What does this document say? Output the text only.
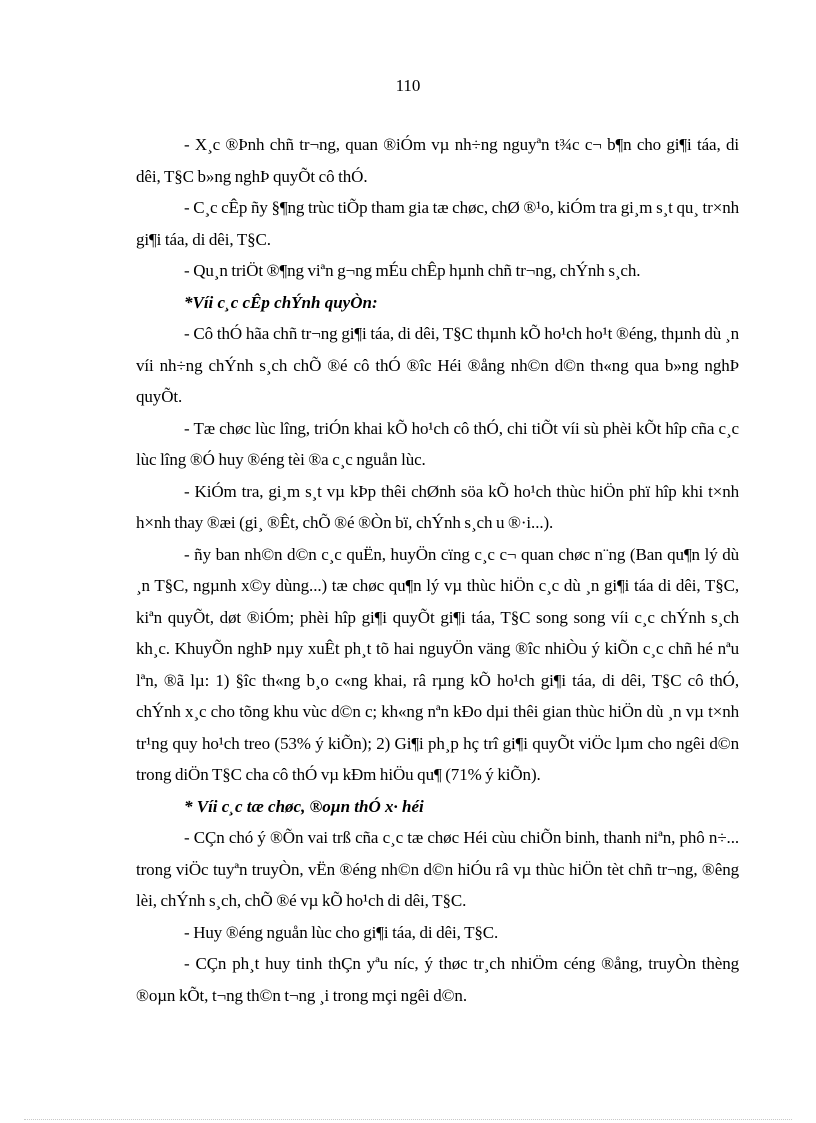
110

- X¸c ®Þnh chñ tr¬ng, quan ®iÓm vµ nh÷ng nguyªn t¾c c¬ b¶n cho gi¶i táa, di dêi, T§C b»ng nghÞ quyÕt cô thÓ.

- C¸c cÊp ñy §¶ng trùc tiÕp tham gia tæ chøc, chØ ®¹o, kiÓm tra gi¸m s¸t qu¸ tr×nh gi¶i táa, di dêi, T§C.

- Qu¸n triÖt ®¶ng viªn g¬ng mÉu chÊp hµnh chñ tr¬ng, chÝnh s¸ch.

*Víi c¸c cÊp chÝnh quyÒn:

- Cô thÓ hãa chñ tr¬ng gi¶i táa, di dêi, T§C thµnh kÕ ho¹ch ho¹t ®éng, thµnh dù ¸n víi nh÷ng chÝnh s¸ch chÕ ®é cô thÓ ®îc Héi ®ång nh©n d©n th«ng qua b»ng nghÞ quyÕt.

- Tæ chøc lùc lîng, triÓn khai kÕ ho¹ch cô thÓ, chi tiÕt víi sù phèi kÕt hîp cña c¸c lùc lîng ®Ó huy ®éng tèi ®a c¸c nguån lùc.

- KiÓm tra, gi¸m s¸t vµ kÞp thêi chØnh söa kÕ ho¹ch thùc hiÖn phï hîp khi t×nh h×nh thay ®æi (gi¸ ®Êt, chÕ ®é ®Òn bï, chÝnh s¸ch u ®·i...).

- ñy ban nh©n d©n c¸c quËn, huyÖn cïng c¸c c¬ quan chøc n¨ng (Ban qu¶n lý dù ¸n T§C, ngµnh x©y dùng...) tæ chøc qu¶n lý vµ thùc hiÖn c¸c dù ¸n gi¶i táa di dêi, T§C, kiªn quyÕt, døt ®iÓm; phèi hîp gi¶i quyÕt gi¶i táa, T§C song song víi c¸c chÝnh s¸ch kh¸c. KhuyÕn nghÞ nµy xuÊt ph¸t tõ hai nguyÖn väng ®îc nhiÒu ý kiÕn c¸c chñ hé nªu lªn, ®ã lµ: 1) §îc th«ng b¸o c«ng khai, râ rµng kÕ ho¹ch gi¶i táa, di dêi, T§C cô thÓ, chÝnh x¸c cho tõng khu vùc d©n c; kh«ng nªn kÐo dµi thêi gian thùc hiÖn dù ¸n vµ t×nh tr¹ng quy ho¹ch treo (53% ý kiÕn); 2) Gi¶i ph¸p hç trî gi¶i quyÕt viÖc lµm cho ngêi d©n trong diÖn T§C cha cô thÓ vµ kÐm hiÖu qu¶ (71% ý kiÕn).

* Víi c¸c tæ chøc, ®oµn thÓ x· héi

- CÇn chó ý ®Õn vai trß cña c¸c tæ chøc Héi cùu chiÕn binh, thanh niªn, phô n÷... trong viÖc tuyªn truyÒn, vËn ®éng nh©n d©n hiÓu râ vµ thùc hiÖn tèt chñ tr¬ng, ®êng lèi, chÝnh s¸ch, chÕ ®é vµ kÕ ho¹ch di dêi, T§C.

- Huy ®éng nguån lùc cho gi¶i táa, di dêi, T§C.

- CÇn ph¸t huy tinh thÇn yªu níc, ý thøc tr¸ch nhiÖm céng ®ång, truyÒn thèng ®oµn kÕt, t¬ng th©n t¬ng ¸i trong mçi ngêi d©n.
